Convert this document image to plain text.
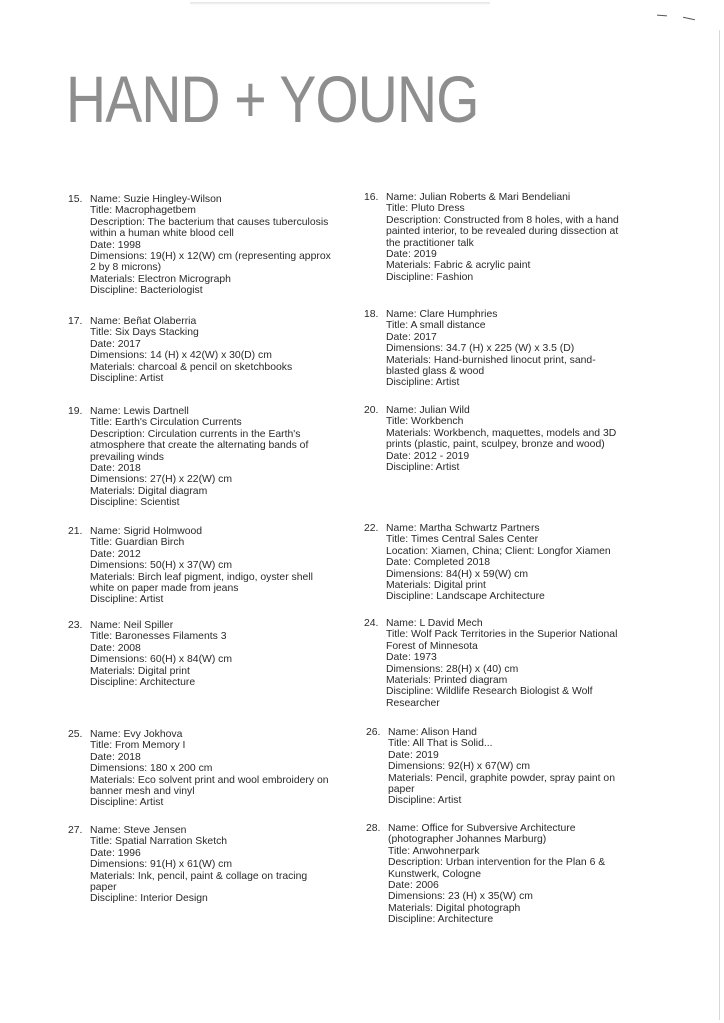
HAND + YOUNG
15. Name: Suzie Hingley-Wilson
Title: Macrophagetbem
Description: The bacterium that causes tuberculosis
within a human white blood cell
Date: 1998
Dimensions: 19(H) x 12(W) cm (representing approx
2 by 8 microns)
Materials: Electron Micrograph
Discipline: Bacteriologist
16. Name: Julian Roberts & Mari Bendeliani
Title: Pluto Dress
Description: Constructed from 8 holes, with a hand
painted interior, to be revealed during dissection at
the practitioner talk
Date: 2019
Materials: Fabric & acrylic paint
Discipline: Fashion
17. Name: Beñat Olaberria
Title: Six Days Stacking
Date: 2017
Dimensions: 14 (H) x 42(W) x 30(D) cm
Materials: charcoal & pencil on sketchbooks
Discipline: Artist
18. Name: Clare Humphries
Title: A small distance
Date: 2017
Dimensions: 34.7 (H) x 225 (W) x 3.5 (D)
Materials: Hand-burnished linocut print, sand-
blasted glass & wood
Discipline: Artist
19. Name: Lewis Dartnell
Title: Earth's Circulation Currents
Description: Circulation currents in the Earth's
atmosphere that create the alternating bands of
prevailing winds
Date: 2018
Dimensions: 27(H) x 22(W) cm
Materials: Digital diagram
Discipline: Scientist
20. Name: Julian Wild
Title: Workbench
Materials: Workbench, maquettes, models and 3D
prints (plastic, paint, sculpey, bronze and wood)
Date: 2012 - 2019
Discipline: Artist
21. Name: Sigrid Holmwood
Title: Guardian Birch
Date: 2012
Dimensions: 50(H) x 37(W) cm
Materials: Birch leaf pigment, indigo, oyster shell
white on paper made from jeans
Discipline: Artist
22. Name: Martha Schwartz Partners
Title: Times Central Sales Center
Location: Xiamen, China; Client: Longfor Xiamen
Date: Completed 2018
Dimensions: 84(H) x 59(W) cm
Materials: Digital print
Discipline: Landscape Architecture
23. Name: Neil Spiller
Title: Baronesses Filaments 3
Date: 2008
Dimensions: 60(H) x 84(W) cm
Materials: Digital print
Discipline: Architecture
24. Name: L David Mech
Title: Wolf Pack Territories in the Superior National
Forest of Minnesota
Date: 1973
Dimensions: 28(H) x (40) cm
Materials: Printed diagram
Discipline: Wildlife Research Biologist & Wolf
Researcher
25. Name: Evy Jokhova
Title: From Memory I
Date: 2018
Dimensions: 180 x 200 cm
Materials: Eco solvent print and wool embroidery on
banner mesh and vinyl
Discipline: Artist
26. Name: Alison Hand
Title: All That is Solid...
Date: 2019
Dimensions: 92(H) x 67(W) cm
Materials: Pencil, graphite powder, spray paint on
paper
Discipline: Artist
27. Name: Steve Jensen
Title: Spatial Narration Sketch
Date: 1996
Dimensions: 91(H) x 61(W) cm
Materials: Ink, pencil, paint & collage on tracing
paper
Discipline: Interior Design
28. Name: Office for Subversive Architecture
(photographer Johannes Marburg)
Title: Anwohnerpark
Description: Urban intervention for the Plan 6 &
Kunstwerk, Cologne
Date: 2006
Dimensions: 23 (H) x 35(W) cm
Materials: Digital photograph
Discipline: Architecture
